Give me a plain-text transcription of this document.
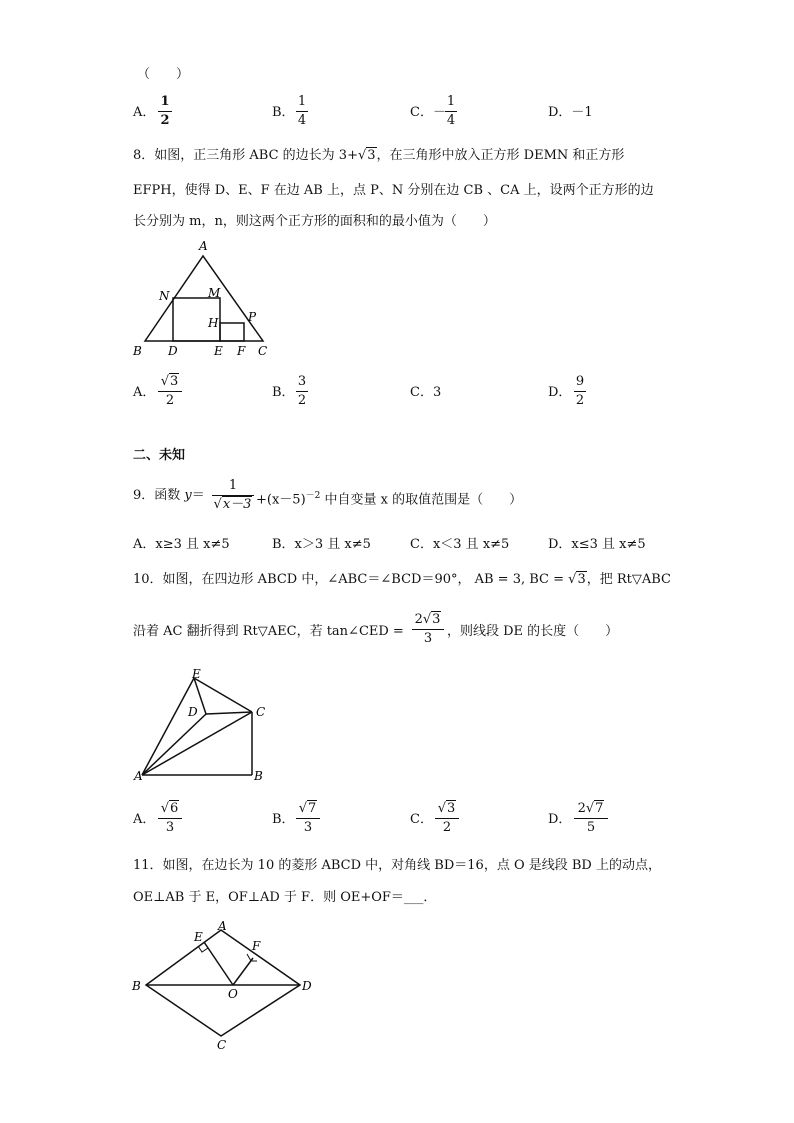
（　　）
A．
1
2
B．
1
4
C．－
1
4
D．－1
8．如图，正三角形 ABC 的边长为 3+√3，在三角形中放入正方形 DEMN 和正方形
EFPH，使得 D、E、F 在边 AB 上，点 P、N 分别在边 CB 、CA 上，设两个正方形的边
长分别为 m，n，则这两个正方形的面积和的最小值为（　　）
A
B	C
D	E F
H
M
N
P
A．
√3
2
B．
3
2
C．3	D．
9
2
二、未知
9．函数 y＝
1
$√x-3 +(x-5)^{-2}$ 中自变量 x 的取值范围是（　　）
A．x≥3 且 x≠5	B．x＞3 且 x≠5	C．x＜3 且 x≠5	D．x≤3 且 x≠5
10．如图，在四边形 ABCD 中，∠ABC＝∠BCD＝90°， AB = 3, BC = √3，把 Rt▽ABC
沿着 AC 翻折得到 Rt▽AEC，若 tan∠CED =
2√3
3	，则线段 DE 的长度（　　）
E
D	C
A	B
A．
√6
3
B．
√7
3
C．
√3
2
D．
2√7
5
11．如图，在边长为 10 的菱形 ABCD 中，对角线 BD＝16，点 O 是线段 BD 上的动点，
OE⊥AB 于 E，OF⊥AD 于 F．则 OE+OF＝___．
A
B
C
D
E
F
O
